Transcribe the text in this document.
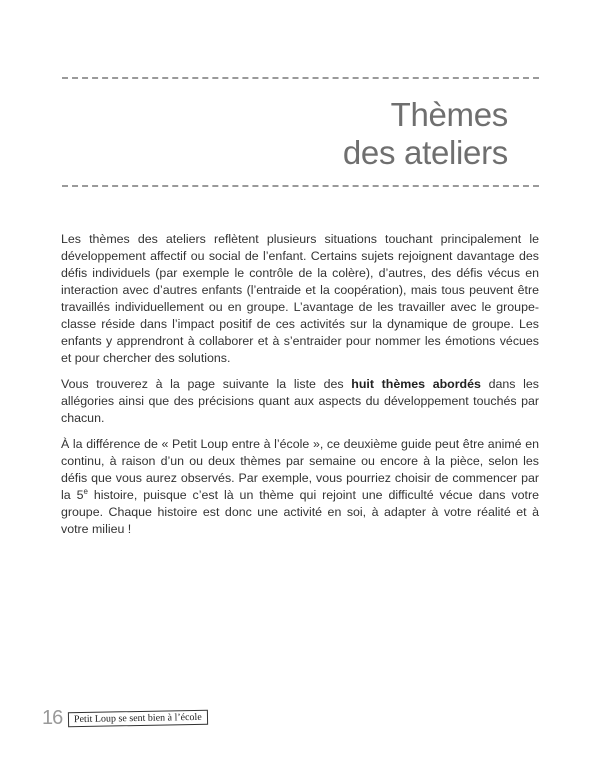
Thèmes
des ateliers

Les thèmes des ateliers reflètent plusieurs situations touchant principalement le développement affectif ou social de l’enfant. Certains sujets rejoignent davantage des défis individuels (par exemple le contrôle de la colère), d’autres, des défis vécus en interaction avec d’autres enfants (l’entraide et la coopération), mais tous peuvent être travaillés individuellement ou en groupe. L’avantage de les travailler avec le groupe-classe réside dans l’impact positif de ces activités sur la dynamique de groupe. Les enfants y apprendront à collaborer et à s’entraider pour nommer les émotions vécues et pour chercher des solutions.

Vous trouverez à la page suivante la liste des huit thèmes abordés dans les allégories ainsi que des précisions quant aux aspects du développement touchés par chacun.

À la différence de « Petit Loup entre à l’école », ce deuxième guide peut être animé en continu, à raison d’un ou deux thèmes par semaine ou encore à la pièce, selon les défis que vous aurez observés. Par exemple, vous pourriez choisir de commencer par la 5e histoire, puisque c’est là un thème qui rejoint une difficulté vécue dans votre groupe. Chaque histoire est donc une activité en soi, à adapter à votre réalité et à votre milieu !

16	Petit Loup se sent bien à l’école
